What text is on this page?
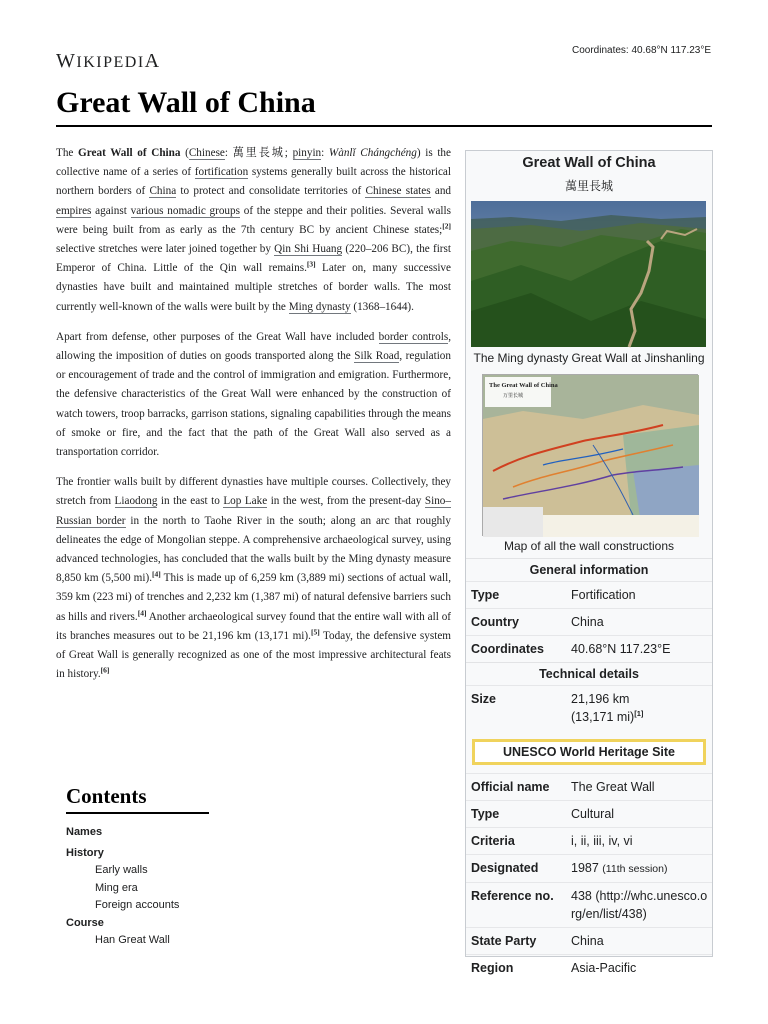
WIKIPEDIA	Coordinates: 40.68°N 117.23°E
Great Wall of China

The Great Wall of China (Chinese: 萬里長城; pinyin: Wànlǐ Chángchéng) is the collective name of a series of fortification systems generally built across the historical northern borders of China to protect and consolidate territories of Chinese states and empires against various nomadic groups of the steppe and their polities. Several walls were being built from as early as the 7th century BC by ancient Chinese states;[2] selective stretches were later joined together by Qin Shi Huang (220–206 BC), the first Emperor of China. Little of the Qin wall remains.[3] Later on, many successive dynasties have built and maintained multiple stretches of border walls. The most currently well-known of the walls were built by the Ming dynasty (1368–1644).

Apart from defense, other purposes of the Great Wall have included border controls, allowing the imposition of duties on goods transported along the Silk Road, regulation or encouragement of trade and the control of immigration and emigration. Furthermore, the defensive characteristics of the Great Wall were enhanced by the construction of watch towers, troop barracks, garrison stations, signaling capabilities through the means of smoke or fire, and the fact that the path of the Great Wall also served as a transportation corridor.

The frontier walls built by different dynasties have multiple courses. Collectively, they stretch from Liaodong in the east to Lop Lake in the west, from the present-day Sino–Russian border in the north to Taohe River in the south; along an arc that roughly delineates the edge of Mongolian steppe. A comprehensive archaeological survey, using advanced technologies, has concluded that the walls built by the Ming dynasty measure 8,850 km (5,500 mi).[4] This is made up of 6,259 km (3,889 mi) sections of actual wall, 359 km (223 mi) of trenches and 2,232 km (1,387 mi) of natural defensive barriers such as hills and rivers.[4] Another archaeological survey found that the entire wall with all of its branches measures out to be 21,196 km (13,171 mi).[5] Today, the defensive system of Great Wall is generally recognized as one of the most impressive architectural feats in history.[6]

Contents
Names
History
Early walls
Ming era
Foreign accounts
Course
Han Great Wall
Great Wall of China
萬里長城
The Ming dynasty Great Wall at Jinshanling
The Great Wall of China
万里长城
Map of all the wall constructions
General information
Type	Fortification
Country	China
Coordinates	40.68°N 117.23°E
Technical details
Size	21,196 km
(13,171 mi)[1]
UNESCO World Heritage Site
Official name	The Great Wall
Type	Cultural
Criteria	i, ii, iii, iv, vi
Designated	1987 (11th session)
Reference no.	438 (http://whc.unesco.org/en/list/438)
State Party	China
Region	Asia-Pacific
